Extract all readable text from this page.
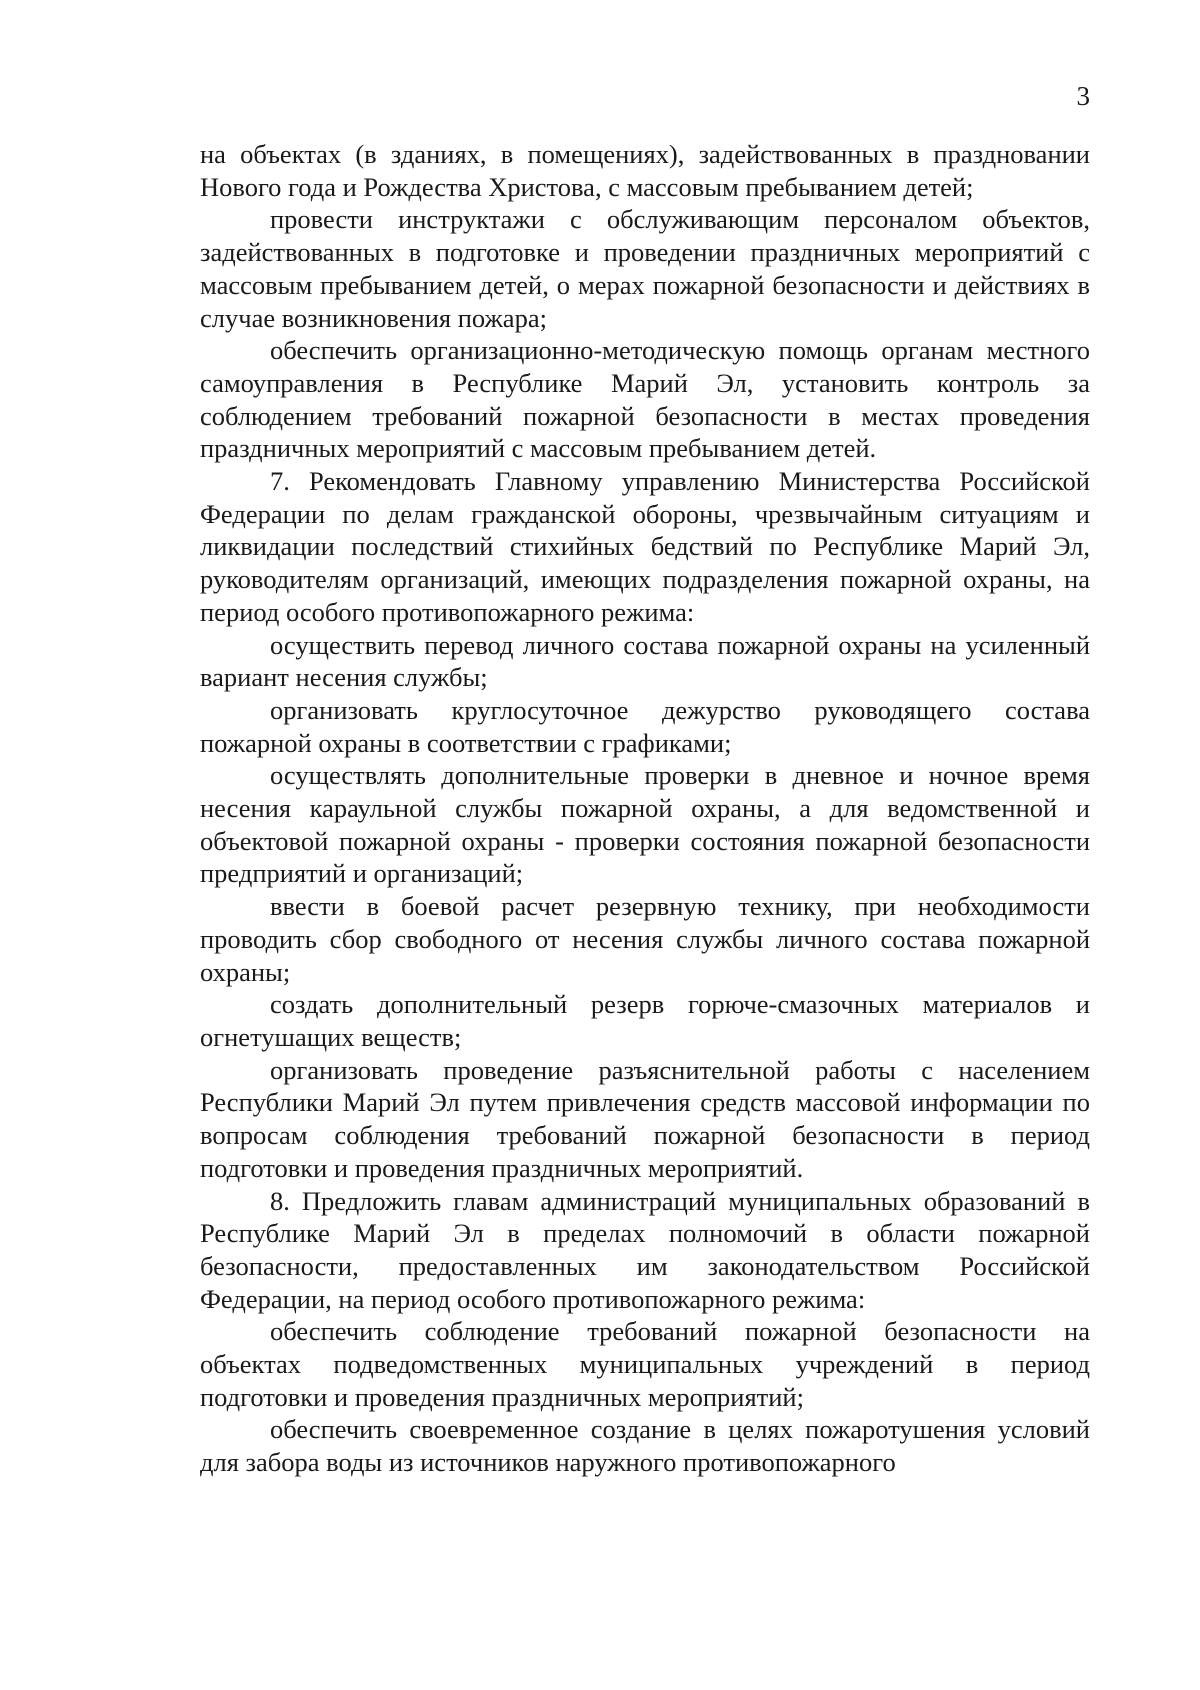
3

на объектах (в зданиях, в помещениях), задействованных в праздновании Нового года и Рождества Христова, с массовым пребыванием детей;

провести инструктажи с обслуживающим персоналом объектов, задействованных в подготовке и проведении праздничных мероприятий с массовым пребыванием детей, о мерах пожарной безопасности и действиях в случае возникновения пожара;

обеспечить организационно-методическую помощь органам местного самоуправления в Республике Марий Эл, установить контроль за соблюдением требований пожарной безопасности в местах проведения праздничных мероприятий с массовым пребыванием детей.

7. Рекомендовать Главному управлению Министерства Российской Федерации по делам гражданской обороны, чрезвычайным ситуациям и ликвидации последствий стихийных бедствий по Республике Марий Эл, руководителям организаций, имеющих подразделения пожарной охраны, на период особого противопожарного режима:

осуществить перевод личного состава пожарной охраны на усиленный вариант несения службы;

организовать круглосуточное дежурство руководящего состава пожарной охраны в соответствии с графиками;

осуществлять дополнительные проверки в дневное и ночное время несения караульной службы пожарной охраны, а для ведомственной и объектовой пожарной охраны - проверки состояния пожарной безопасности предприятий и организаций;

ввести в боевой расчет резервную технику, при необходимости проводить сбор свободного от несения службы личного состава пожарной охраны;

создать дополнительный резерв горюче-смазочных материалов и огнетушащих веществ;

организовать проведение разъяснительной работы с населением Республики Марий Эл путем привлечения средств массовой информации по вопросам соблюдения требований пожарной безопасности в период подготовки и проведения праздничных мероприятий.

8. Предложить главам администраций муниципальных образований в Республике Марий Эл в пределах полномочий в области пожарной безопасности, предоставленных им законодательством Российской Федерации, на период особого противопожарного режима:

обеспечить соблюдение требований пожарной безопасности на объектах подведомственных муниципальных учреждений в период подготовки и проведения праздничных мероприятий;

обеспечить своевременное создание в целях пожаротушения условий для забора воды из источников наружного противопожарного
